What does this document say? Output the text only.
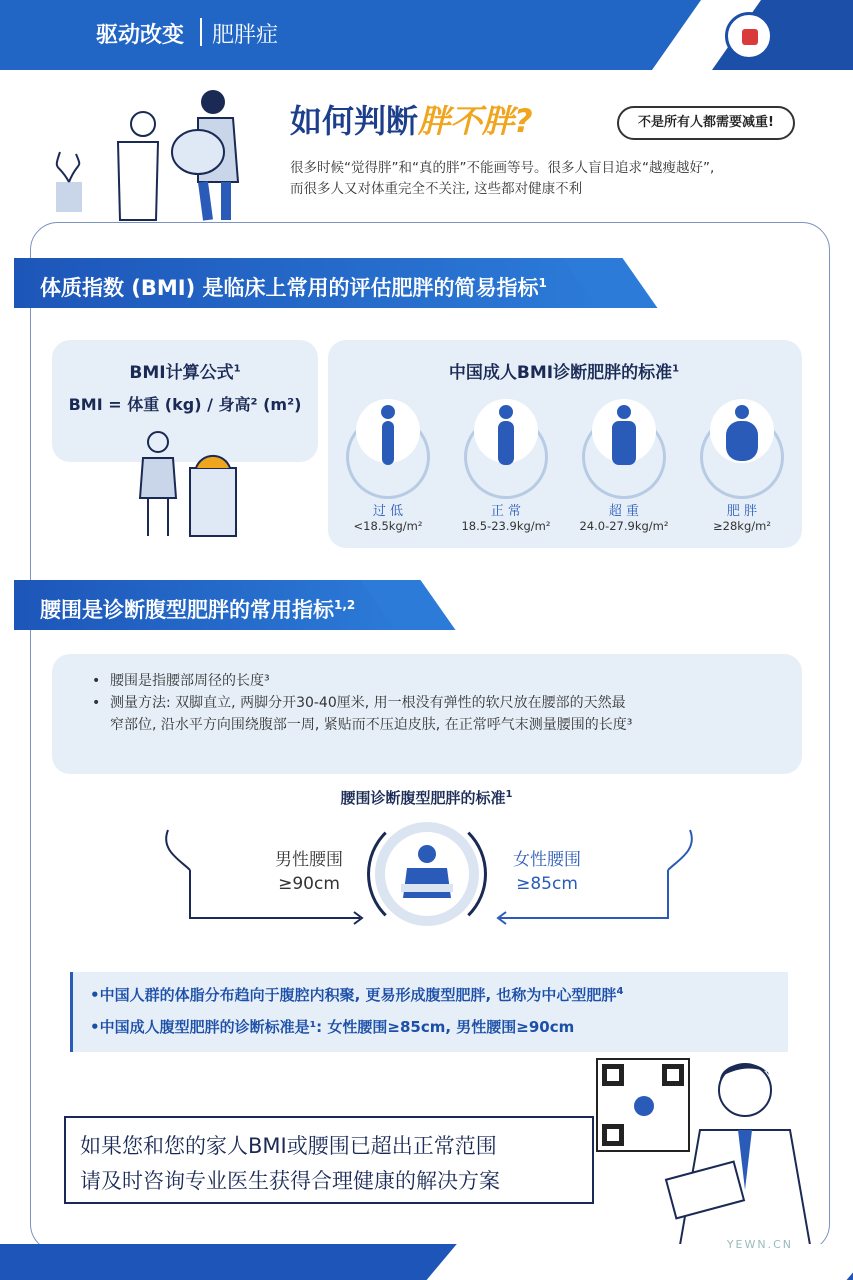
驱动改变 肥胖症
如何判断胖不胖?	不是所有人都需要减重!
很多时候“觉得胖”和“真的胖”不能画等号。很多人盲目追求“越瘦越好”,
而很多人又对体重完全不关注, 这些都对健康不利
体质指数 (BMI) 是临床上常用的评估肥胖的简易指标$^1$
BMI计算公式$^1$
BMI = 体重 (kg) / 身高² (m²)
中国成人BMI诊断肥胖的标准$^1$
过 低
<18.5kg/m²
正 常
18.5-23.9kg/m²
超 重
24.0-27.9kg/m²
肥 胖
≥28kg/m²
腰围是诊断腹型肥胖的常用指标$^{1,2}$
• 腰围是指腰部周径的长度³
• 测量方法: 双脚直立, 两脚分开30-40厘米, 用一根没有弹性的软尺放在腰部的天然最
窄部位, 沿水平方向围绕腹部一周, 紧贴而不压迫皮肤, 在正常呼气末测量腰围的长度³
腰围诊断腹型肥胖的标准$^1$
男性腰围
≥90cm
女性腰围
≥85cm
•中国人群的体脂分布趋向于腹腔内积聚, 更易形成腹型肥胖, 也称为中心型肥胖$^4$
•中国成人腹型肥胖的诊断标准是¹: 女性腰围≥85cm, 男性腰围≥90cm
如果您和您的家人BMI或腰围已超出正常范围
请及时咨询专业医生获得合理健康的解决方案
YEWN.CN
